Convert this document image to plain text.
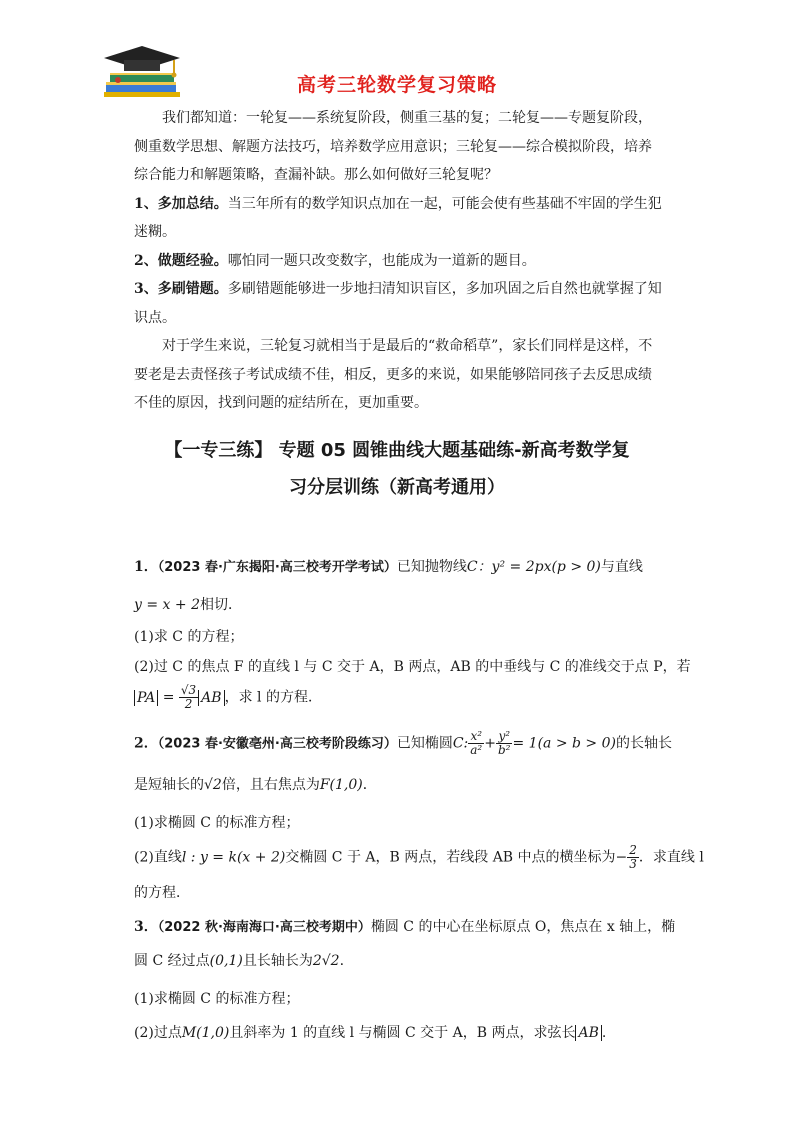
高考三轮数学复习策略

我们都知道：一轮复——系统复阶段，侧重三基的复；二轮复——专题复阶段，侧重数学思想、解题方法技巧，培养数学应用意识；三轮复——综合模拟阶段，培养综合能力和解题策略，查漏补缺。那么如何做好三轮复呢？

1、多加总结。当三年所有的数学知识点加在一起，可能会使有些基础不牢固的学生犯迷糊。

2、做题经验。哪怕同一题只改变数字，也能成为一道新的题目。

3、多刷错题。多刷错题能够进一步地扫清知识盲区，多加巩固之后自然也就掌握了知识点。

对于学生来说，三轮复习就相当于是最后的“救命稻草”，家长们同样是这样，不要老是去责怪孩子考试成绩不佳，相反，更多的来说，如果能够陪同孩子去反思成绩不佳的原因，找到问题的症结所在，更加重要。

【一专三练】 专题 05 圆锥曲线大题基础练-新高考数学复
习分层训练（新高考通用）
1．（2023 春·广东揭阳·高三校考开学考试）已知抛物线C：y² = 2px(p > 0)与直线
y = x + 2相切．
(1)求 C 的方程；
(2)过 C 的焦点 F 的直线 l 与 C 交于 A，B 两点，AB 的中垂线与 C 的准线交于点 P，若
PA = $\frac{√3}{2}$ AB ，求 l 的方程．
2．（2023 春·安徽亳州·高三校考阶段练习）已知椭圆C: $\frac{\text{x²}}{\text{a²}} + \frac{\text{y²}}{\text{b²}} = 1(a > b > 0)$的长轴长
是短轴长的√2倍，且右焦点为F(1,0)．
(1)求椭圆 C 的标准方程；
(2)直线l : y = k(x + 2)交椭圆 C 于 A，B 两点，若线段 AB 中点的横坐标为− $\frac{2}{3}$ ．求直线 l
的方程．
3．（2022 秋·海南海口·高三校考期中）椭圆 C 的中心在坐标原点 O，焦点在 x 轴上，椭
圆 C 经过点(0,1)且长轴长为2√2.
(1)求椭圆 C 的标准方程；
(2)过点M(1,0)且斜率为 1 的直线 l 与椭圆 C 交于 A，B 两点，求弦长 AB .
